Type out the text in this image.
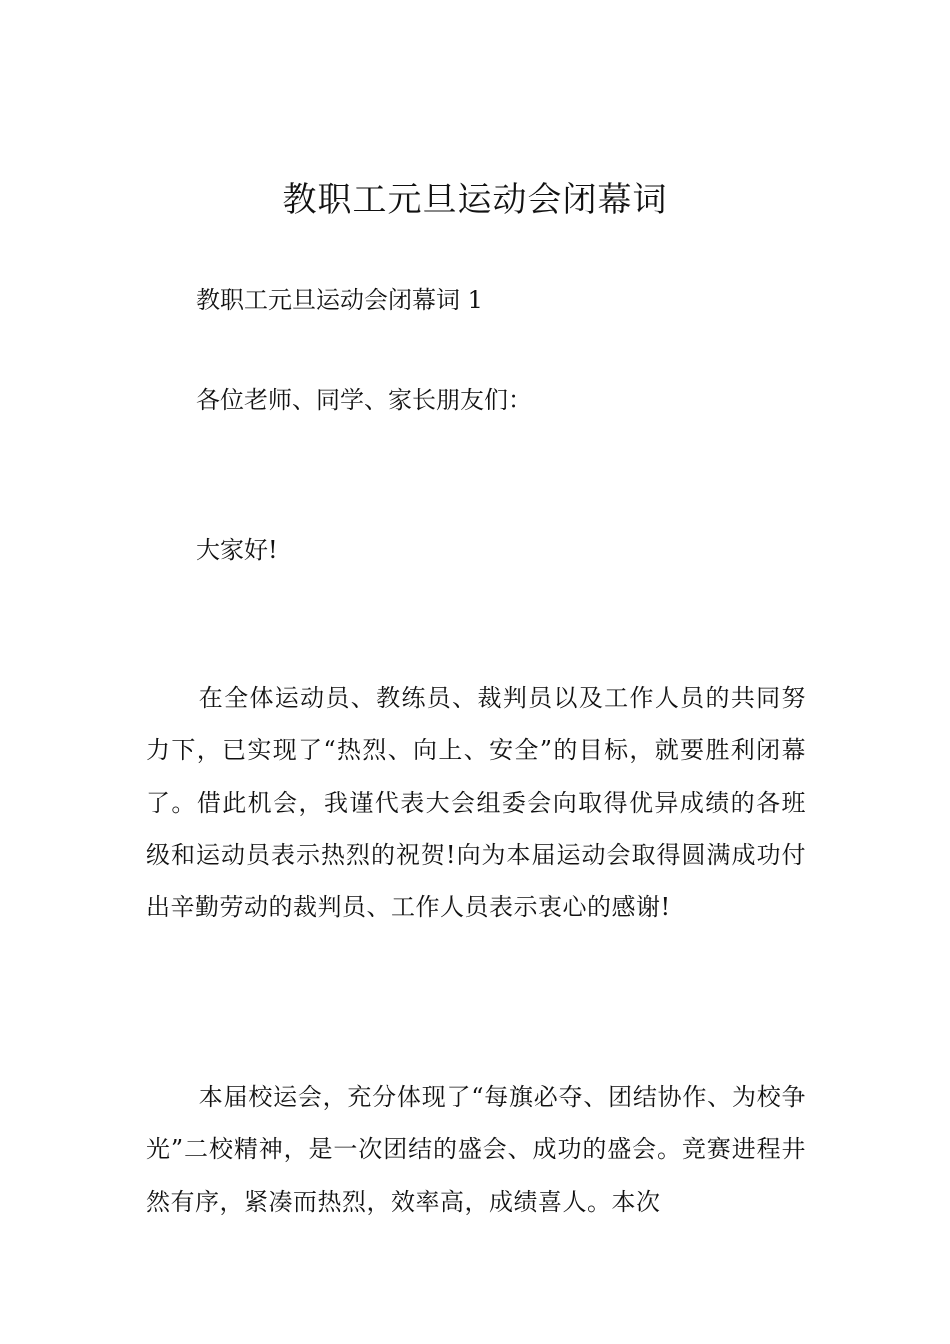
教职工元旦运动会闭幕词

教职工元旦运动会闭幕词 1

各位老师、同学、家长朋友们：

大家好!

在全体运动员、教练员、裁判员以及工作人员的共同努力下，已实现了“热烈、向上、安全”的目标，就要胜利闭幕了。借此机会，我谨代表大会组委会向取得优异成绩的各班级和运动员表示热烈的祝贺!向为本届运动会取得圆满成功付出辛勤劳动的裁判员、工作人员表示衷心的感谢!

本届校运会，充分体现了“每旗必夺、团结协作、为校争光”二校精神，是一次团结的盛会、成功的盛会。竞赛进程井然有序，紧凑而热烈，效率高，成绩喜人。本次
